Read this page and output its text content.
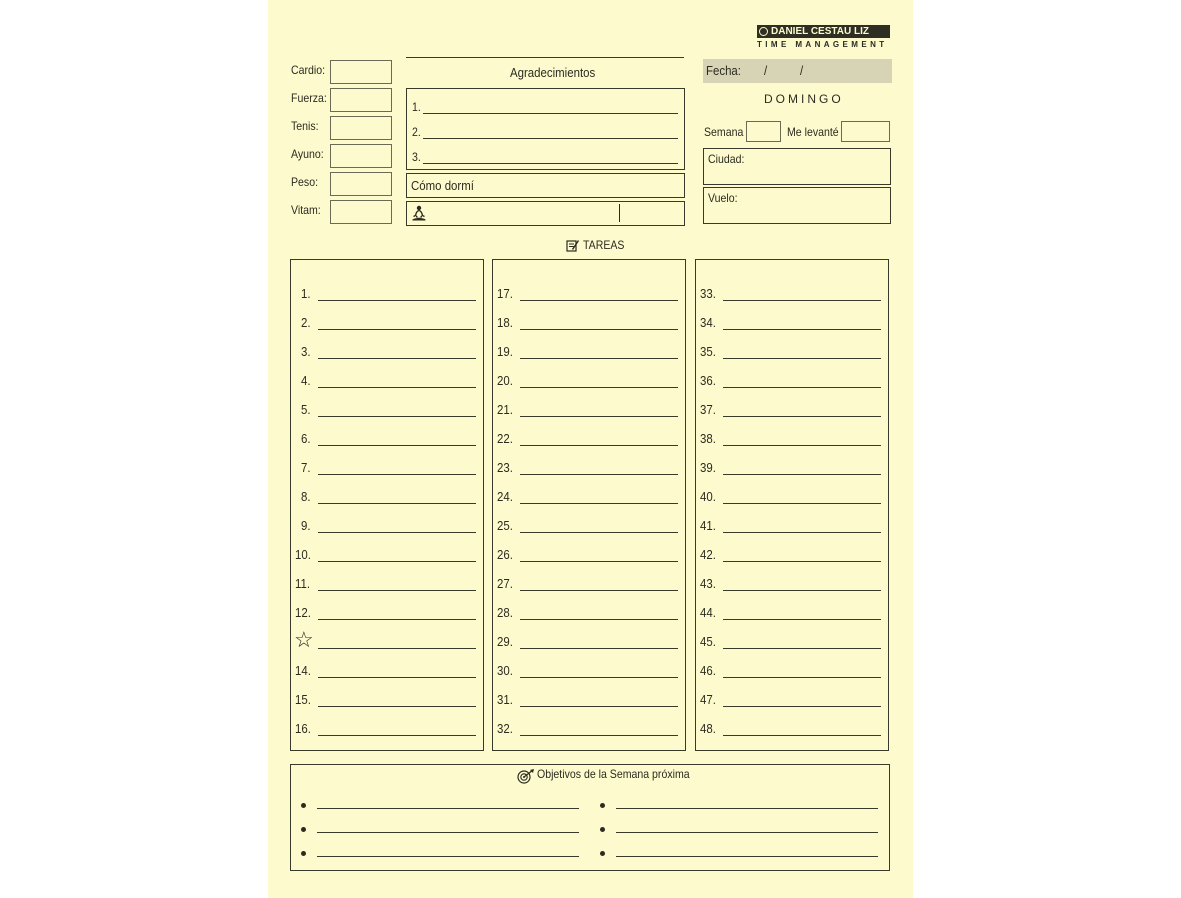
DANIEL CESTAU LIZ
TIME MANAGEMENT
Cardio:
Fuerza:
Tenis:
Ayuno:
Peso:
Vitam:
Agradecimientos
1.
2.
3.
Cómo dormí
Fecha: /	/
DOMINGO
Semana	Me levanté
Ciudad:
Vuelo:
TAREAS
1.
2.
3.
4.
5.
6.
7.
8.
9.
10.
11.
12.
☆
14.
15.
16.
17.
18.
19.
20.
21.
22.
23.
24.
25.
26.
27.
28.
29.
30.
31.
32.
33.
34.
35.
36.
37.
38.
39.
40.
41.
42.
43.
44.
45.
46.
47.
48.
Objetivos de la Semana próxima
